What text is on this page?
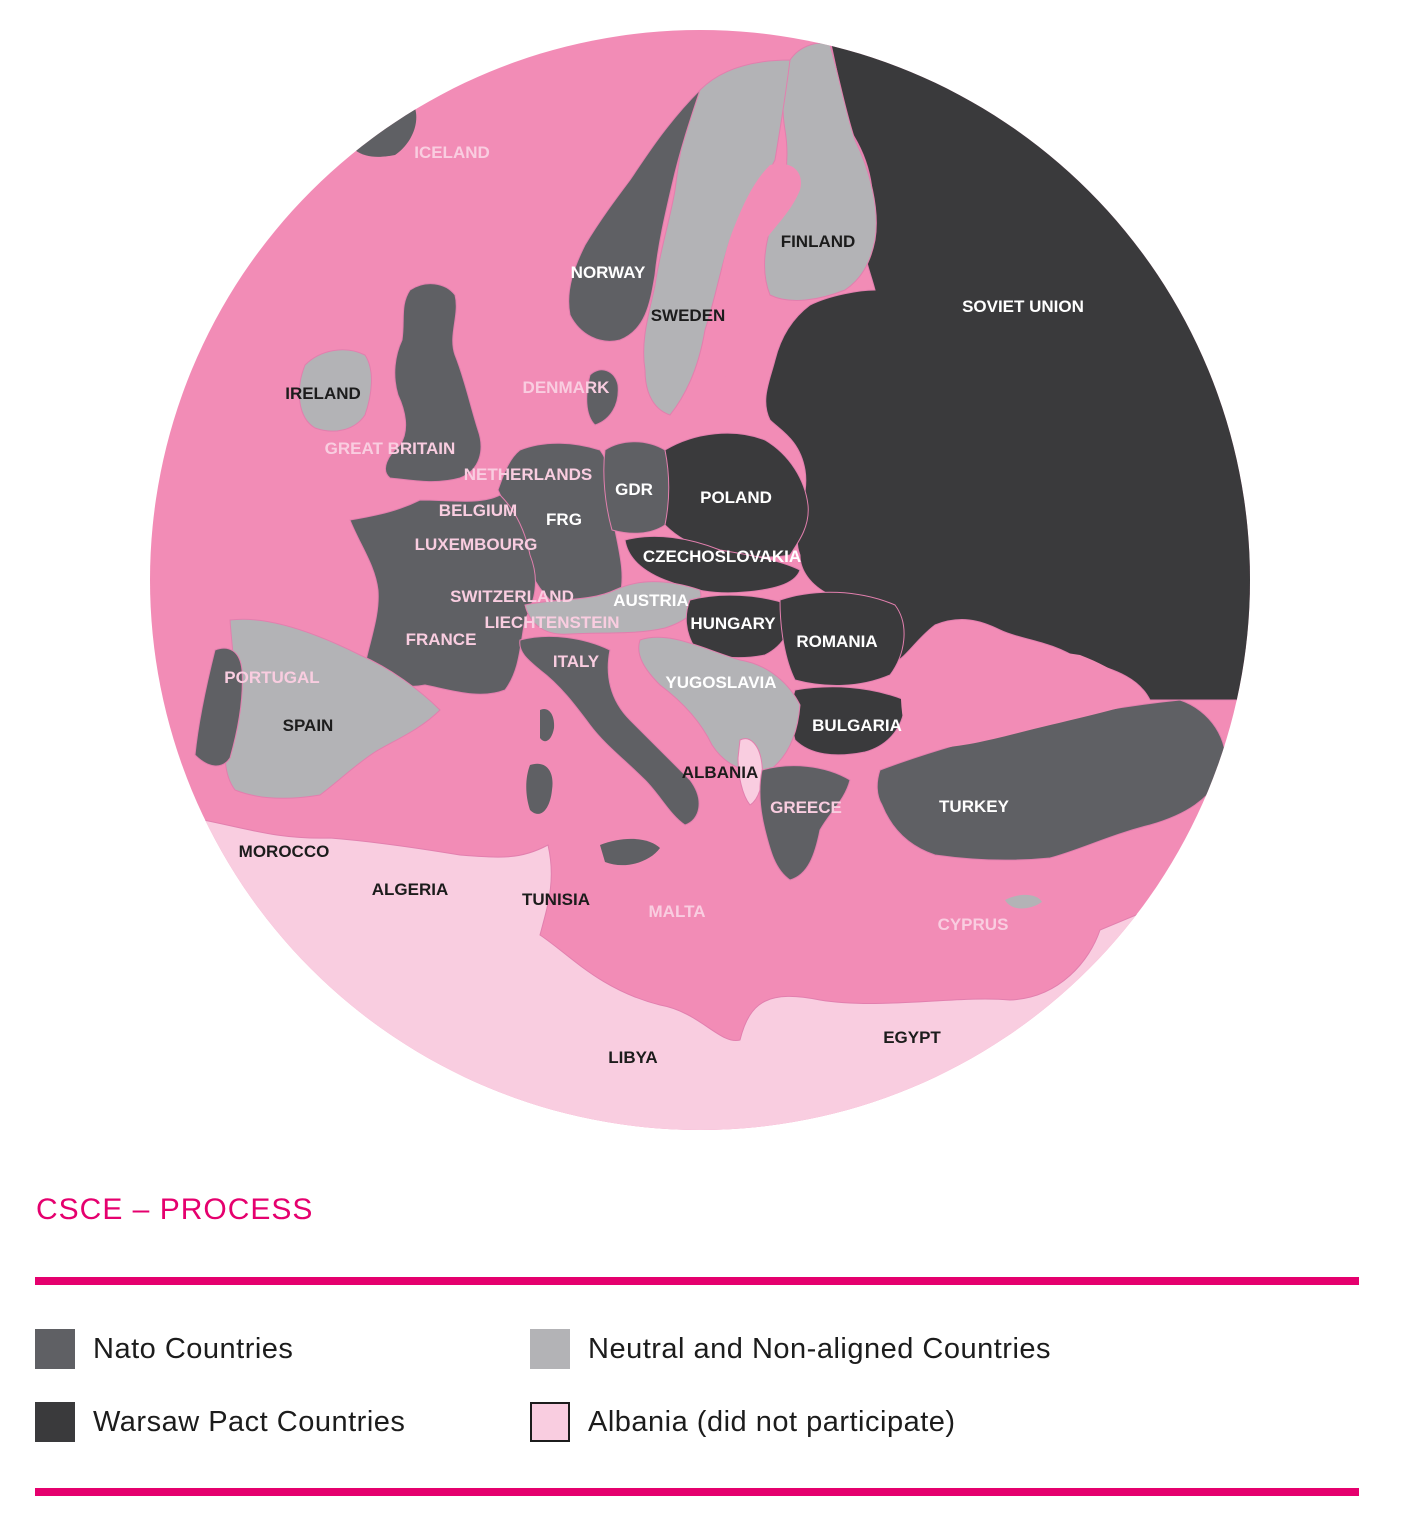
ICELAND
NORWAY
SWEDEN
FINLAND
SOVIET UNION
IRELAND	DENMARK
GREAT BRITAIN
NETHERLANDS
BELGIUM
LUXEMBOURG
FRG
GDR	POLAND
CZECHOSLOVAKIA
AUSTRIA
SWITZERLAND
LIECHTENSTEIN	HUNGARY
ROMANIA
FRANCE
ITALY
YUGOSLAVIA
PORTUGAL
SPAIN	BULGARIA
ALBANIA
GREECE	TURKEY
MOROCCO
ALGERIA
TUNISIA
MALTA
CYPRUS
LIBYA
EGYPT
CSCE – PROCESS
Nato Countries	Neutral and Non-aligned Countries
Warsaw Pact Countries	Albania (did not participate)
